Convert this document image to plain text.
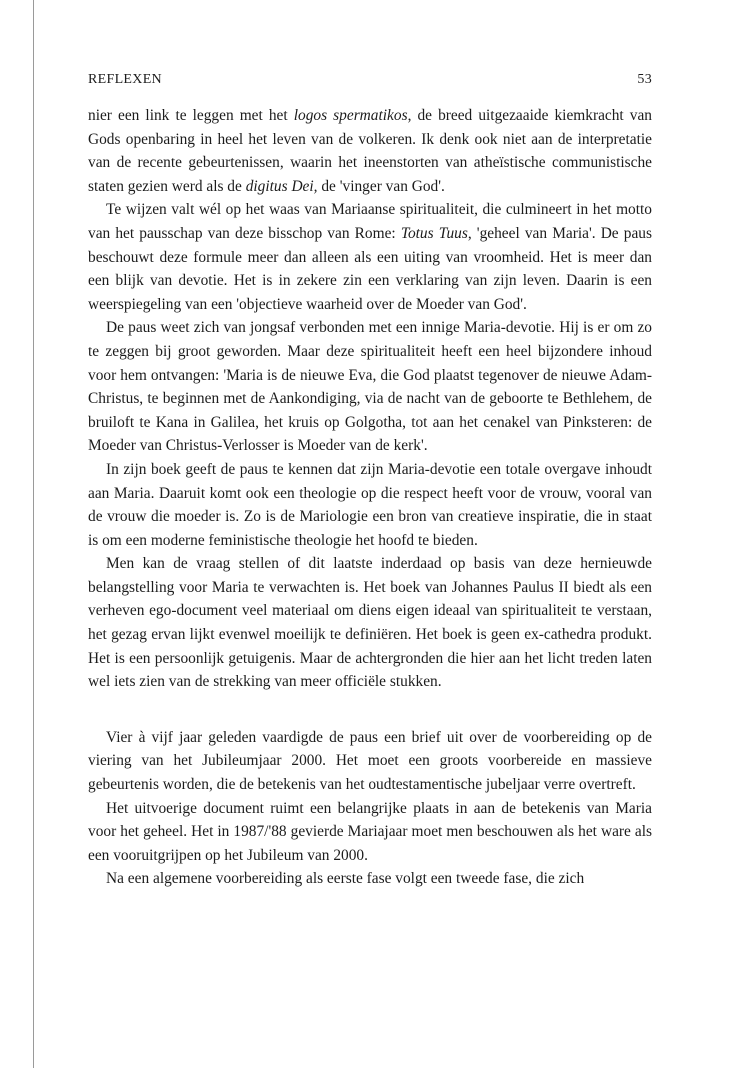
REFLEXEN	53

nier een link te leggen met het logos spermatikos, de breed uitgezaaide kiemkracht van Gods openbaring in heel het leven van de volkeren. Ik denk ook niet aan de interpretatie van de recente gebeurtenissen, waarin het ineenstorten van atheïstische communistische staten gezien werd als de digitus Dei, de 'vinger van God'.

Te wijzen valt wél op het waas van Mariaanse spiritualiteit, die culmineert in het motto van het pausschap van deze bisschop van Rome: Totus Tuus, 'geheel van Maria'. De paus beschouwt deze formule meer dan alleen als een uiting van vroomheid. Het is meer dan een blijk van devotie. Het is in zekere zin een verklaring van zijn leven. Daarin is een weerspiegeling van een 'objectieve waarheid over de Moeder van God'.

De paus weet zich van jongsaf verbonden met een innige Maria-devotie. Hij is er om zo te zeggen bij groot geworden. Maar deze spiritualiteit heeft een heel bijzondere inhoud voor hem ontvangen: 'Maria is de nieuwe Eva, die God plaatst tegenover de nieuwe Adam-Christus, te beginnen met de Aankondiging, via de nacht van de geboorte te Bethlehem, de bruiloft te Kana in Galilea, het kruis op Golgotha, tot aan het cenakel van Pinksteren: de Moeder van Christus-Verlosser is Moeder van de kerk'.

In zijn boek geeft de paus te kennen dat zijn Maria-devotie een totale overgave inhoudt aan Maria. Daaruit komt ook een theologie op die respect heeft voor de vrouw, vooral van de vrouw die moeder is. Zo is de Mariologie een bron van creatieve inspiratie, die in staat is om een moderne feministische theologie het hoofd te bieden.

Men kan de vraag stellen of dit laatste inderdaad op basis van deze hernieuwde belangstelling voor Maria te verwachten is. Het boek van Johannes Paulus II biedt als een verheven ego-document veel materiaal om diens eigen ideaal van spiritualiteit te verstaan, het gezag ervan lijkt evenwel moeilijk te definiëren. Het boek is geen ex-cathedra produkt. Het is een persoonlijk getuigenis. Maar de achtergronden die hier aan het licht treden laten wel iets zien van de strekking van meer officiële stukken.

Vier à vijf jaar geleden vaardigde de paus een brief uit over de voorbereiding op de viering van het Jubileumjaar 2000. Het moet een groots voorbereide en massieve gebeurtenis worden, die de betekenis van het oudtestamentische jubeljaar verre overtreft.

Het uitvoerige document ruimt een belangrijke plaats in aan de betekenis van Maria voor het geheel. Het in 1987/'88 gevierde Mariajaar moet men beschouwen als het ware als een vooruitgrijpen op het Jubileum van 2000.

Na een algemene voorbereiding als eerste fase volgt een tweede fase, die zich
